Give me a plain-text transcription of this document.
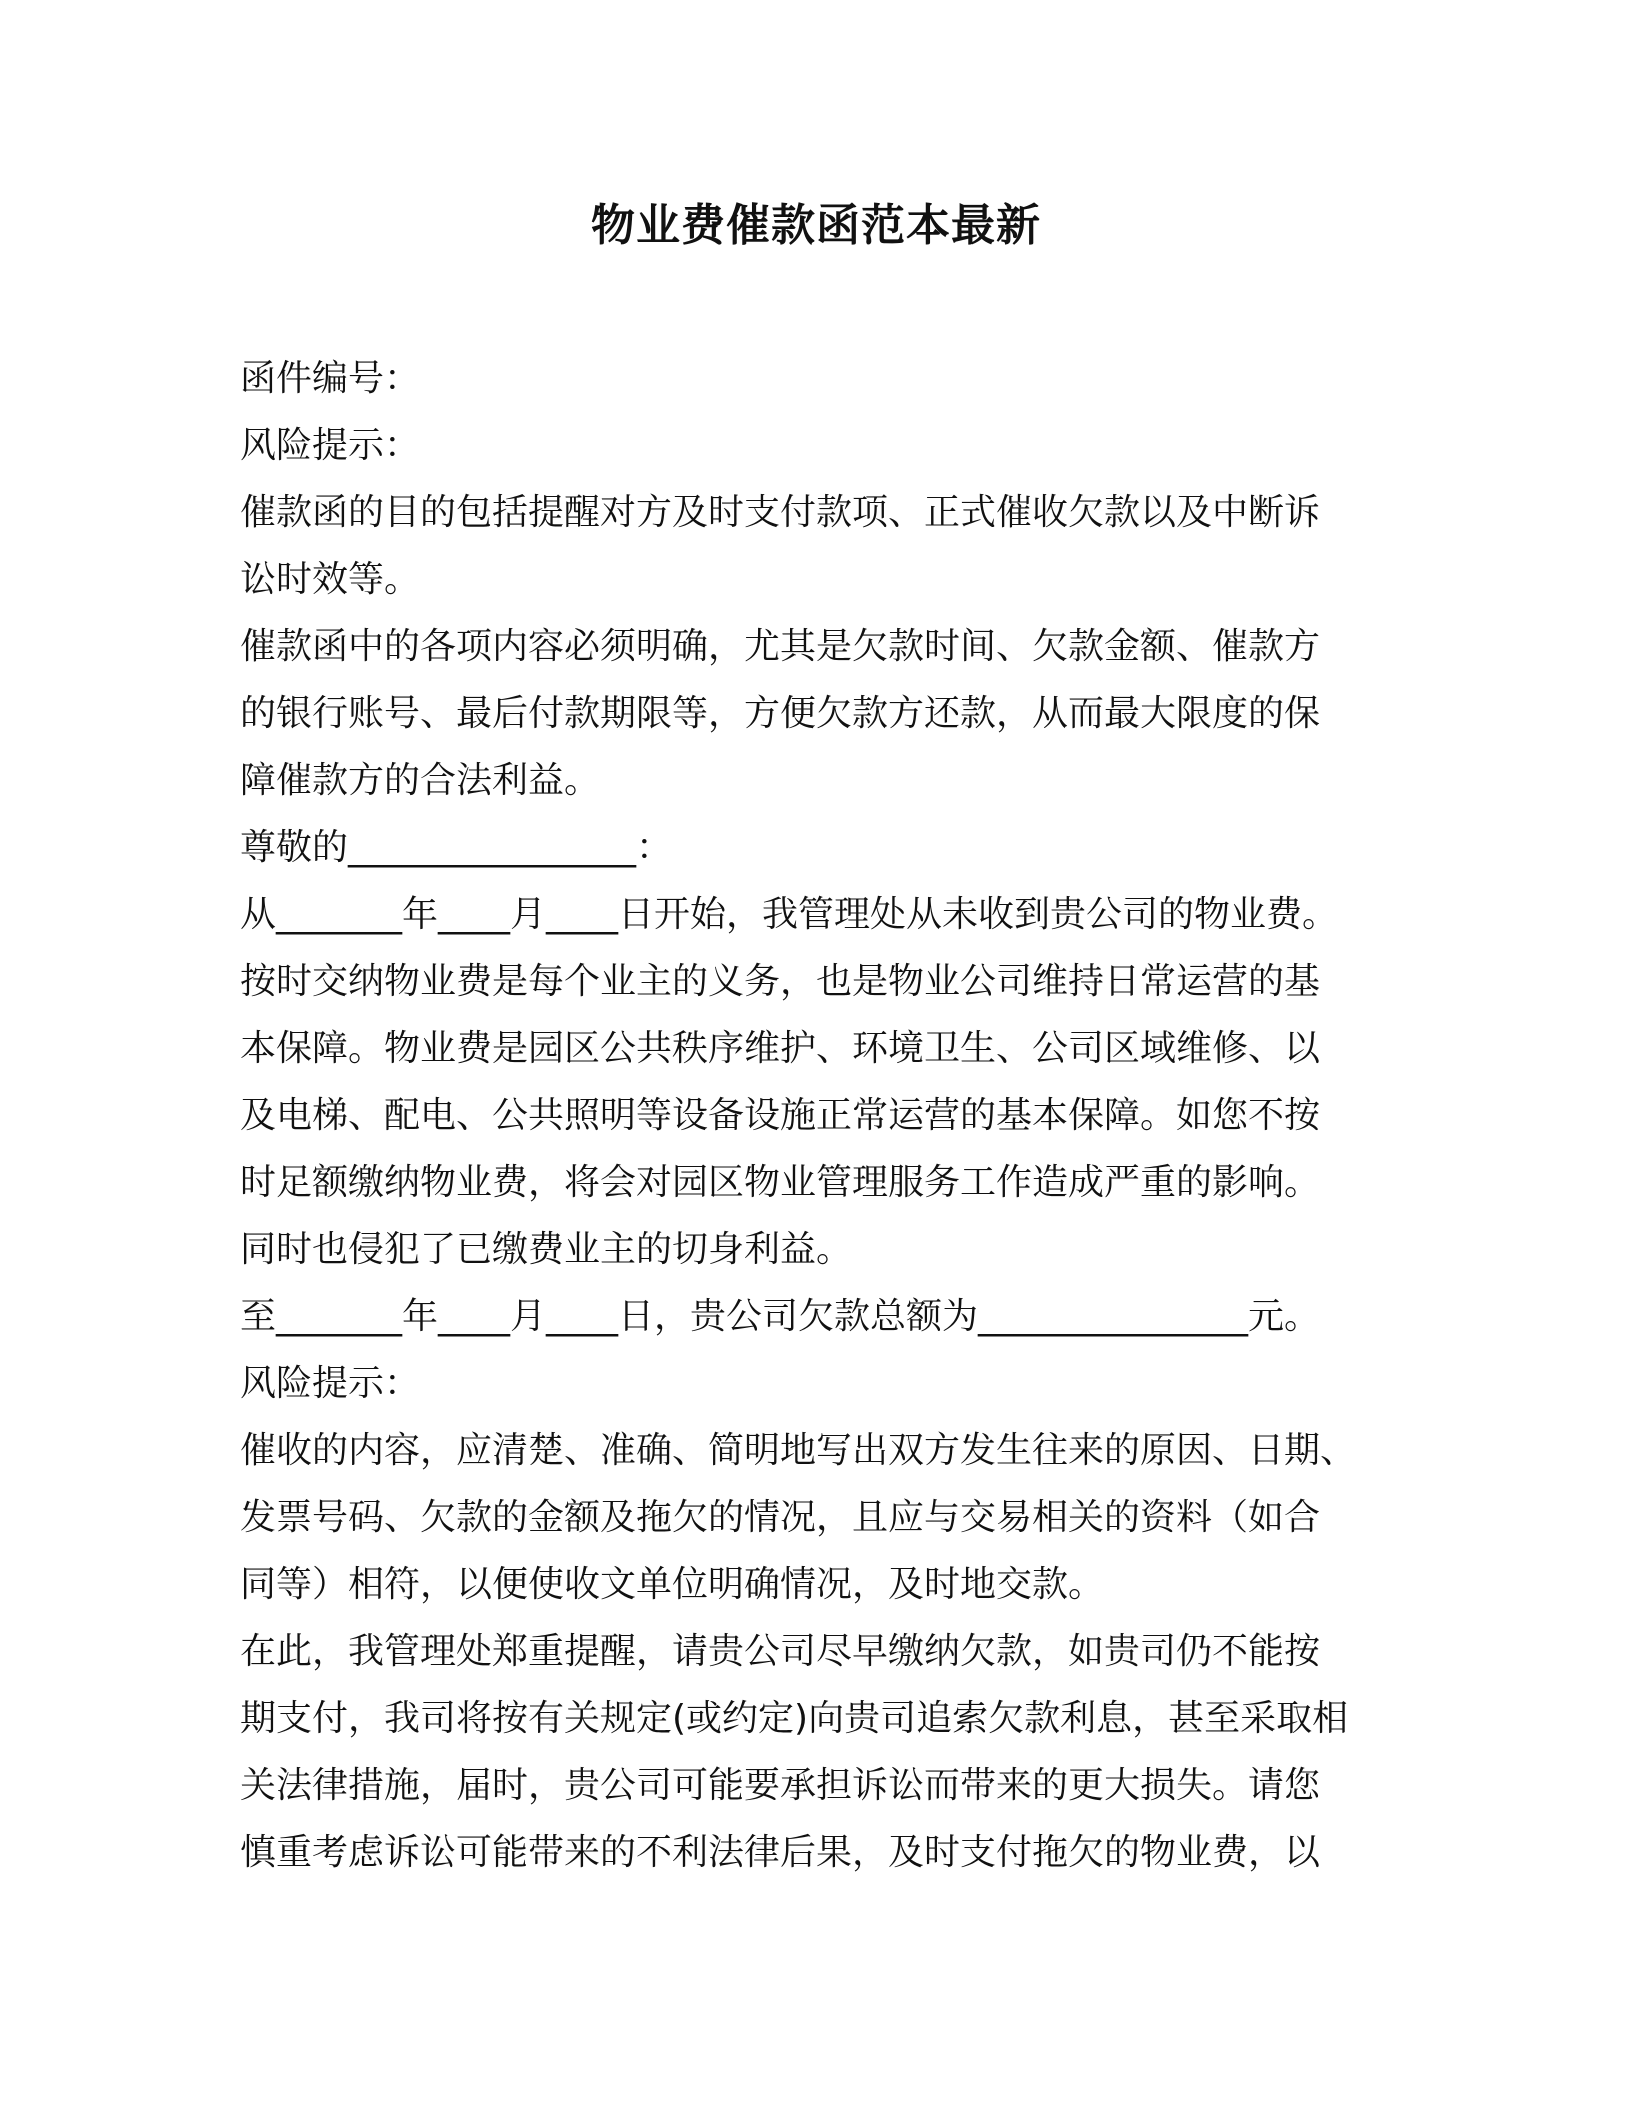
物业费催款函范本最新
函件编号：
风险提示：
催款函的目的包括提醒对方及时支付款项、正式催收欠款以及中断诉
讼时效等。
催款函中的各项内容必须明确，尤其是欠款时间、欠款金额、催款方
的银行账号、最后付款期限等，方便欠款方还款，从而最大限度的保
障催款方的合法利益。
尊敬的________________：
从_______年____月____日开始，我管理处从未收到贵公司的物业费。
按时交纳物业费是每个业主的义务，也是物业公司维持日常运营的基
本保障。物业费是园区公共秩序维护、环境卫生、公司区域维修、以
及电梯、配电、公共照明等设备设施正常运营的基本保障。如您不按
时足额缴纳物业费，将会对园区物业管理服务工作造成严重的影响。
同时也侵犯了已缴费业主的切身利益。
至_______年____月____日，贵公司欠款总额为_______________元。
风险提示：
催收的内容，应清楚、准确、简明地写出双方发生往来的原因、日期、
发票号码、欠款的金额及拖欠的情况，且应与交易相关的资料（如合
同等）相符，以便使收文单位明确情况，及时地交款。
在此，我管理处郑重提醒，请贵公司尽早缴纳欠款，如贵司仍不能按
期支付，我司将按有关规定(或约定)向贵司追索欠款利息，甚至采取相
关法律措施，届时，贵公司可能要承担诉讼而带来的更大损失。请您
慎重考虑诉讼可能带来的不利法律后果，及时支付拖欠的物业费，以
